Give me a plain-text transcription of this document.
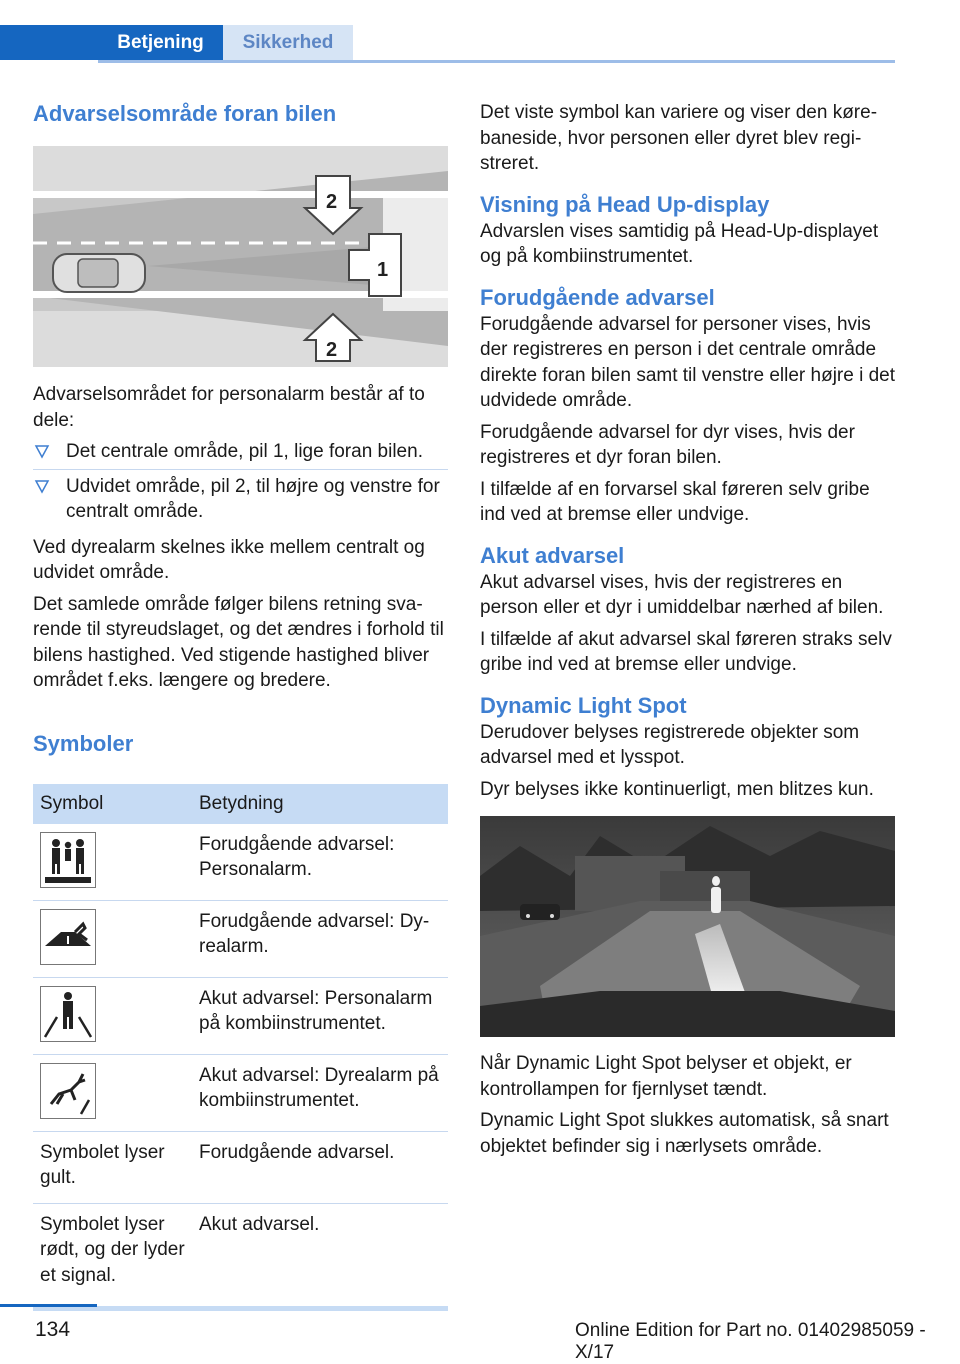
Betjening	Sikkerhed
Advarselsområde foran bilen
1
2
2

Advarselsområdet for personalarm består af to dele:

Det centrale område, pil 1, lige foran bilen.
Udvidet område, pil 2, til højre og venstre for centralt område.

Ved dyrealarm skelnes ikke mellem centralt og udvidet område.

Det samlede område følger bilens retning svarende til styreudslaget, og det ændres i forhold til bilens hastighed. Ved stigende hastighed bliver området f.eks. længere og bredere.

Symboler
Symbol	Betydning

	Forudgående advarsel: Personalarm.

	Forudgående advarsel: Dyrealarm.

	Akut advarsel: Personalarm på kombiinstrumentet.

	Akut advarsel: Dyrealarm på kombiinstrumentet.
Symbolet lyser gult.	Forudgående advarsel.
Symbolet lyser rødt, og der lyder et signal.	Akut advarsel.

Det viste symbol kan variere og viser den kørebaneside, hvor personen eller dyret blev registreret.

Visning på Head Up-display

Advarslen vises samtidig på Head-Up-displayet og på kombiinstrumentet.

Forudgående advarsel

Forudgående advarsel for personer vises, hvis der registreres en person i det centrale område direkte foran bilen samt til venstre eller højre i det udvidede område.

Forudgående advarsel for dyr vises, hvis der registreres et dyr foran bilen.

I tilfælde af en forvarsel skal føreren selv gribe ind ved at bremse eller undvige.

Akut advarsel

Akut advarsel vises, hvis der registreres en person eller et dyr i umiddelbar nærhed af bilen.

I tilfælde af akut advarsel skal føreren straks selv gribe ind ved at bremse eller undvige.

Dynamic Light Spot

Derudover belyses registrerede objekter som advarsel med et lysspot.

Dyr belyses ikke kontinuerligt, men blitzes kun.

Når Dynamic Light Spot belyser et objekt, er kontrollampen for fjernlyset tændt.

Dynamic Light Spot slukkes automatisk, så snart objektet befinder sig i nærlysets område.

134	Online Edition for Part no. 01402985059 - X/17
